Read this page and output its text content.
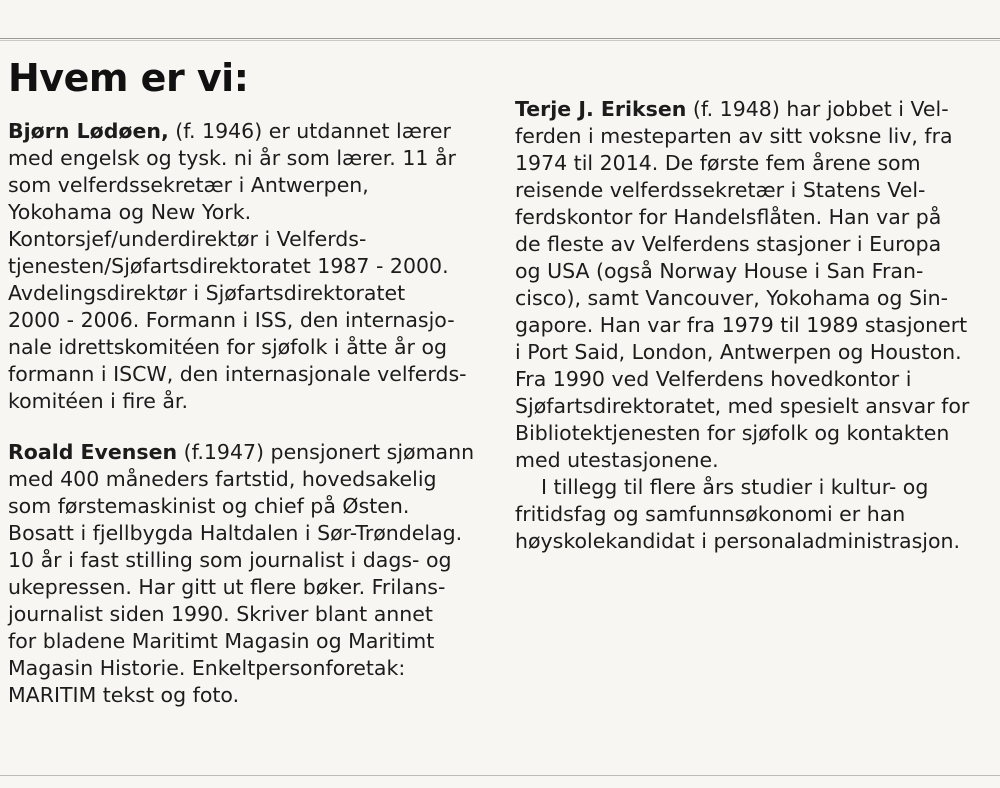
Hvem er vi:

Bjørn Lødøen, (f. 1946) er utdannet lærer
med engelsk og tysk. ni år som lærer. 11 år
som velferdssekretær i Antwerpen,
Yokohama og New York.
Kontorsjef/underdirektør i Velferds-
tjenesten/Sjøfartsdirektoratet 1987 - 2000.
Avdelingsdirektør i Sjøfartsdirektoratet
2000 - 2006. Formann i ISS, den internasjo-
nale idrettskomitéen for sjøfolk i åtte år og
formann i ISCW, den internasjonale velferds-
komitéen i fire år.

Roald Evensen (f.1947) pensjonert sjømann
med 400 måneders fartstid, hovedsakelig
som førstemaskinist og chief på Østen.
Bosatt i fjellbygda Haltdalen i Sør-Trøndelag.
10 år i fast stilling som journalist i dags- og
ukepressen. Har gitt ut flere bøker. Frilans-
journalist siden 1990. Skriver blant annet
for bladene Maritimt Magasin og Maritimt
Magasin Historie. Enkeltpersonforetak:
MARITIM tekst og foto.

Terje J. Eriksen (f. 1948) har jobbet i Vel-
ferden i mesteparten av sitt voksne liv, fra
1974 til 2014. De første fem årene som
reisende velferdssekretær i Statens Vel-
ferdskontor for Handelsflåten. Han var på
de fleste av Velferdens stasjoner i Europa
og USA (også Norway House i San Fran-
cisco), samt Vancouver, Yokohama og Sin-
gapore. Han var fra 1979 til 1989 stasjonert
i Port Said, London, Antwerpen og Houston.
Fra 1990 ved Velferdens hovedkontor i
Sjøfartsdirektoratet, med spesielt ansvar for
Bibliotektjenesten for sjøfolk og kontakten
med utestasjonene.

I tillegg til flere års studier i kultur- og
fritidsfag og samfunnsøkonomi er han
høyskolekandidat i personaladministrasjon.
